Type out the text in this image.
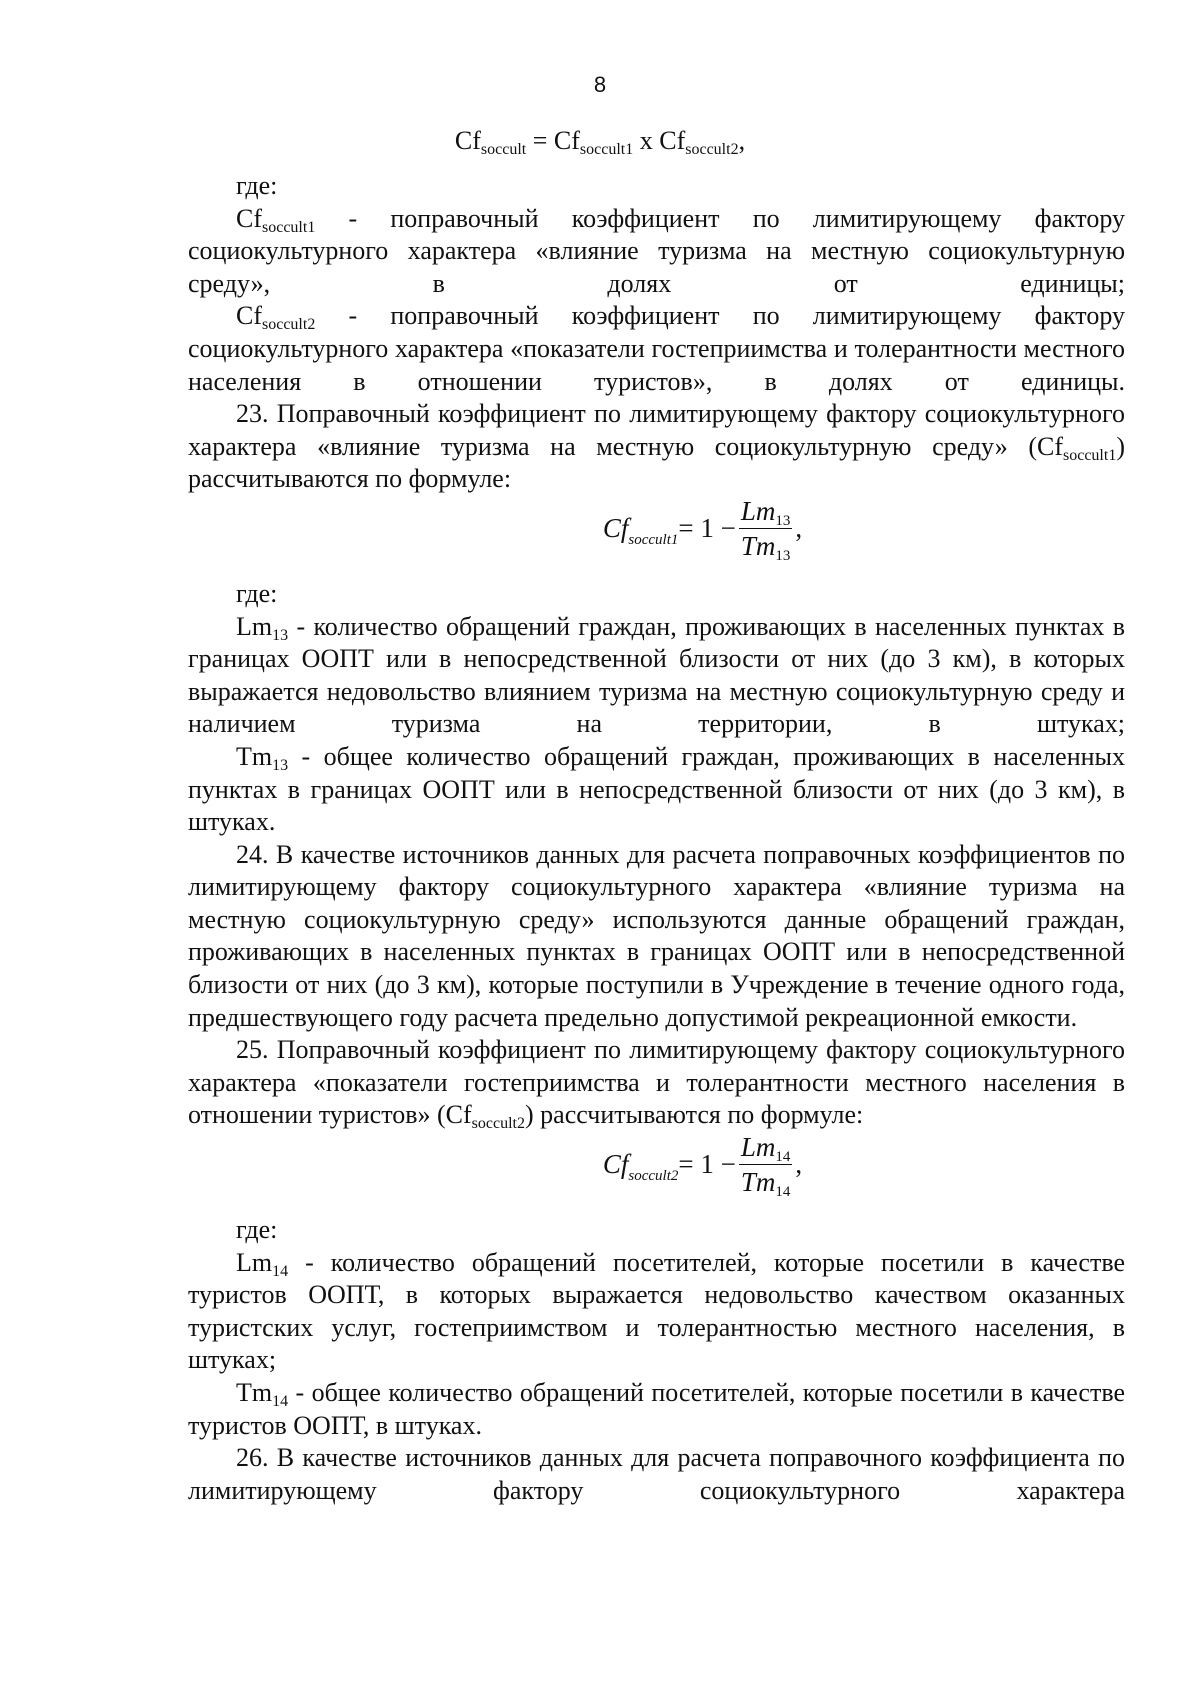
8
$Cf_{soccult} = Cf_{soccult1}$ x $Cf_{soccult2}$,

где:

$Cf_{soccult1}$ - поправочный коэффициент по лимитирующему фактору социокультурного характера «влияние туризма на местную социокультурную среду», в долях от единицы;

$Cf_{soccult2}$ - поправочный коэффициент по лимитирующему фактору социокультурного характера «показатели гостеприимства и толерантности местного населения в отношении туристов», в долях от единицы.

23. Поправочный коэффициент по лимитирующему фактору социокультурного характера «влияние туризма на местную социокультурную среду» $(Cf_{soccult1})$ рассчитываются по формуле:

$Cf_{soccult1} = 1 - \frac{Lm_{13}}{Tm_{13}}$ ,

где:

$Lm_{13}$ - количество обращений граждан, проживающих в населенных пунктах в границах ООПТ или в непосредственной близости от них (до 3 км), в которых выражается недовольство влиянием туризма на местную социокультурную среду и наличием туризма на территории, в штуках;

$Tm_{13}$ - общее количество обращений граждан, проживающих в населенных пунктах в границах ООПТ или в непосредственной близости от них (до 3 км), в штуках.

24. В качестве источников данных для расчета поправочных коэффициентов по лимитирующему фактору социокультурного характера «влияние туризма на местную социокультурную среду» используются данные обращений граждан, проживающих в населенных пунктах в границах ООПТ или в непосредственной близости от них (до 3 км), которые поступили в Учреждение в течение одного года, предшествующего году расчета предельно допустимой рекреационной емкости.

25. Поправочный коэффициент по лимитирующему фактору социокультурного характера «показатели гостеприимства и толерантности местного населения в отношении туристов» $(Cf_{soccult2})$ рассчитываются по формуле:

$Cf_{soccult2} = 1 - \frac{Lm_{14}}{Tm_{14}}$ ,

где:

$Lm_{14}$ - количество обращений посетителей, которые посетили в качестве туристов ООПТ, в которых выражается недовольство качеством оказанных туристских услуг, гостеприимством и толерантностью местного населения, в штуках;

$Tm_{14}$ - общее количество обращений посетителей, которые посетили в качестве туристов ООПТ, в штуках.

26. В качестве источников данных для расчета поправочного коэффициента по лимитирующему фактору социокультурного характера
